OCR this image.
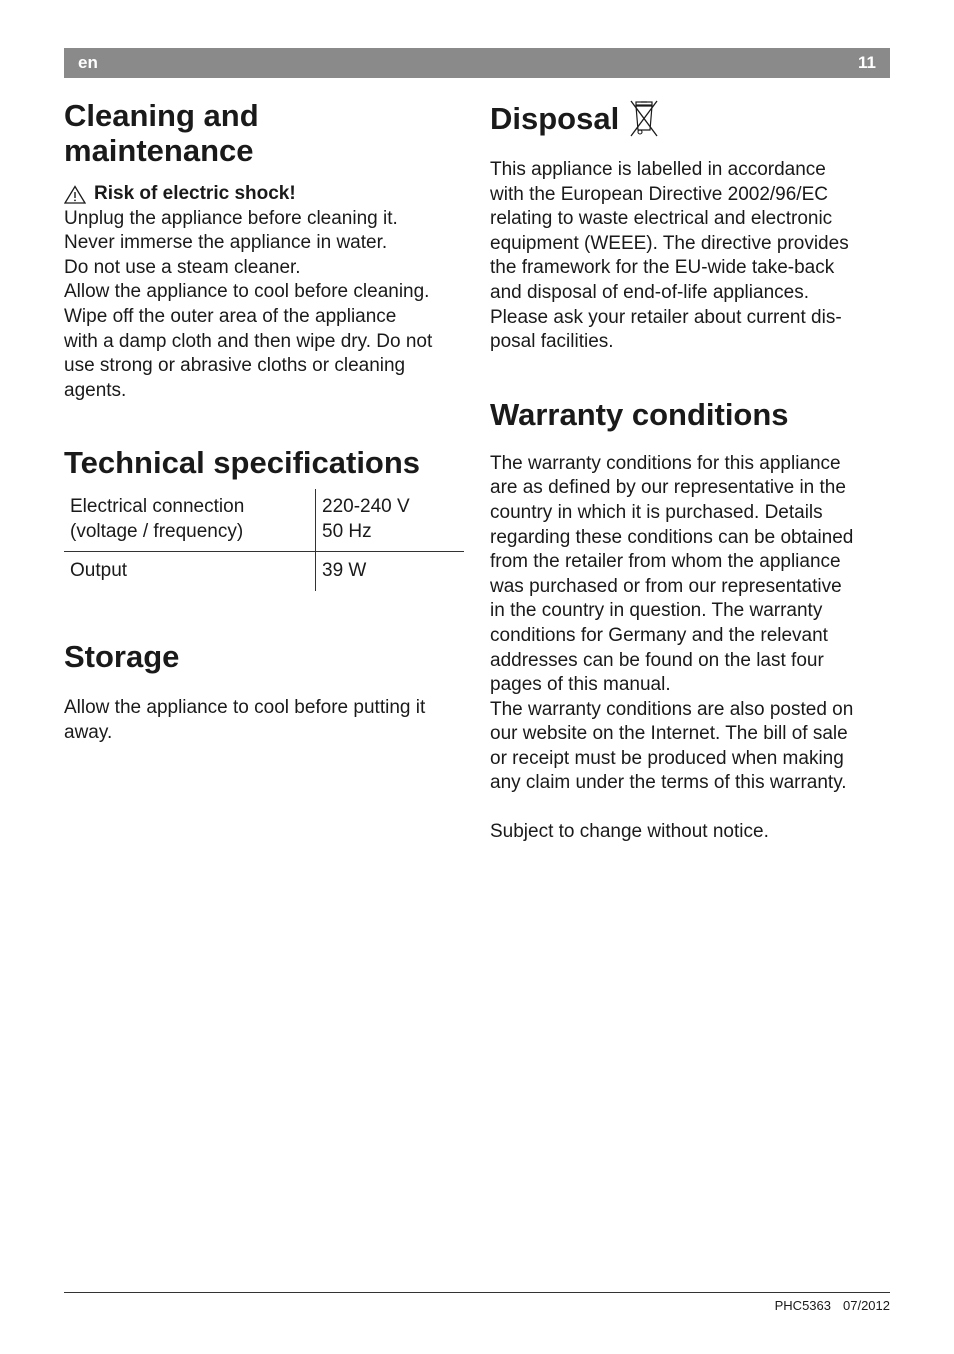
en	11
Cleaning and
maintenance
Risk of electric shock!

Unplug the appliance before cleaning it.
Never immerse the appliance in water.
Do not use a steam cleaner.
Allow the appliance to cool before cleaning.
Wipe off the outer area of the appliance
with a damp cloth and then wipe dry. Do not
use strong or abrasive cloths or cleaning
agents.

Technical specifications
Electrical connection
(voltage / frequency)	220-240 V
50 Hz

Output	39 W
Storage

Allow the appliance to cool before putting it
away.

Disposal

This appliance is labelled in accordance
with the European Directive 2002/96/EC
relating to waste electrical and electronic
equipment (WEEE). The directive provides
the framework for the EU-wide take-back
and disposal of end-of-life appliances.
Please ask your retailer about current dis-
posal facilities.

Warranty conditions

The warranty conditions for this appliance
are as defined by our representative in the
country in which it is purchased. Details
regarding these conditions can be obtained
from the retailer from whom the appliance
was purchased or from our representative
in the country in question. The warranty
conditions for Germany and the relevant
addresses can be found on the last four
pages of this manual.
The warranty conditions are also posted on
our website on the Internet. The bill of sale
or receipt must be produced when making
any claim under the terms of this warranty.

Subject to change without notice.

PHC5363 07/2012
